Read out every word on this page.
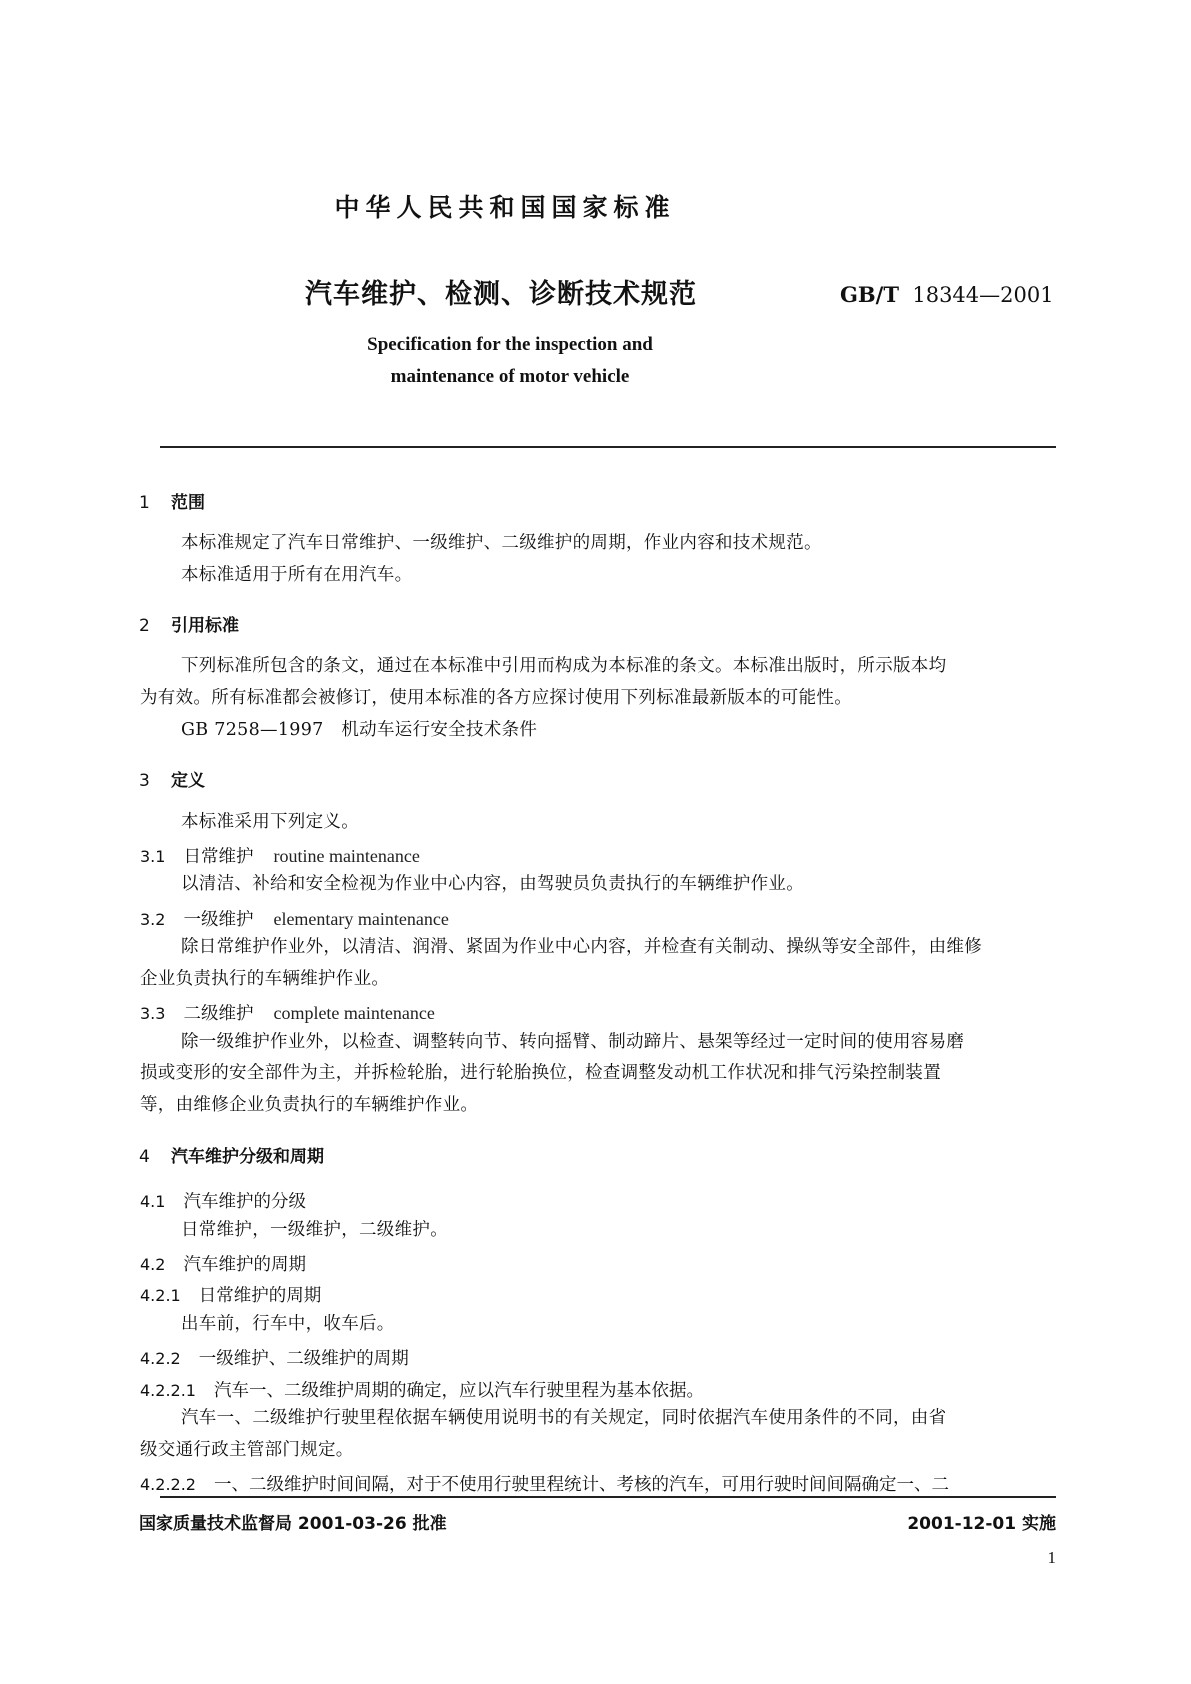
中华人民共和国国家标准
汽车维护、检测、诊断技术规范	GB/T 18344—2001
Specification for the inspection and
maintenance of motor vehicle
1 范围
本标准规定了汽车日常维护、一级维护、二级维护的周期，作业内容和技术规范。
本标准适用于所有在用汽车。
2 引用标准
下列标准所包含的条文，通过在本标准中引用而构成为本标准的条文。本标准出版时，所示版本均
为有效。所有标准都会被修订，使用本标准的各方应探讨使用下列标准最新版本的可能性。
GB 7258—1997　机动车运行安全技术条件
3 定义
本标准采用下列定义。
3.1 日常维护 routine maintenance
以清洁、补给和安全检视为作业中心内容，由驾驶员负责执行的车辆维护作业。
3.2 一级维护 elementary maintenance
除日常维护作业外，以清洁、润滑、紧固为作业中心内容，并检查有关制动、操纵等安全部件，由维修
企业负责执行的车辆维护作业。
3.3 二级维护 complete maintenance
除一级维护作业外，以检查、调整转向节、转向摇臂、制动蹄片、悬架等经过一定时间的使用容易磨
损或变形的安全部件为主，并拆检轮胎，进行轮胎换位，检查调整发动机工作状况和排气污染控制装置
等，由维修企业负责执行的车辆维护作业。
4 汽车维护分级和周期
4.1 汽车维护的分级
日常维护，一级维护，二级维护。
4.2 汽车维护的周期
4.2.1 日常维护的周期
出车前，行车中，收车后。
4.2.2 一级维护、二级维护的周期
4.2.2.1 汽车一、二级维护周期的确定，应以汽车行驶里程为基本依据。
汽车一、二级维护行驶里程依据车辆使用说明书的有关规定，同时依据汽车使用条件的不同，由省
级交通行政主管部门规定。
4.2.2.2 一、二级维护时间间隔，对于不使用行驶里程统计、考核的汽车，可用行驶时间间隔确定一、二
国家质量技术监督局 2001-03-26 批准	2001-12-01 实施
1
